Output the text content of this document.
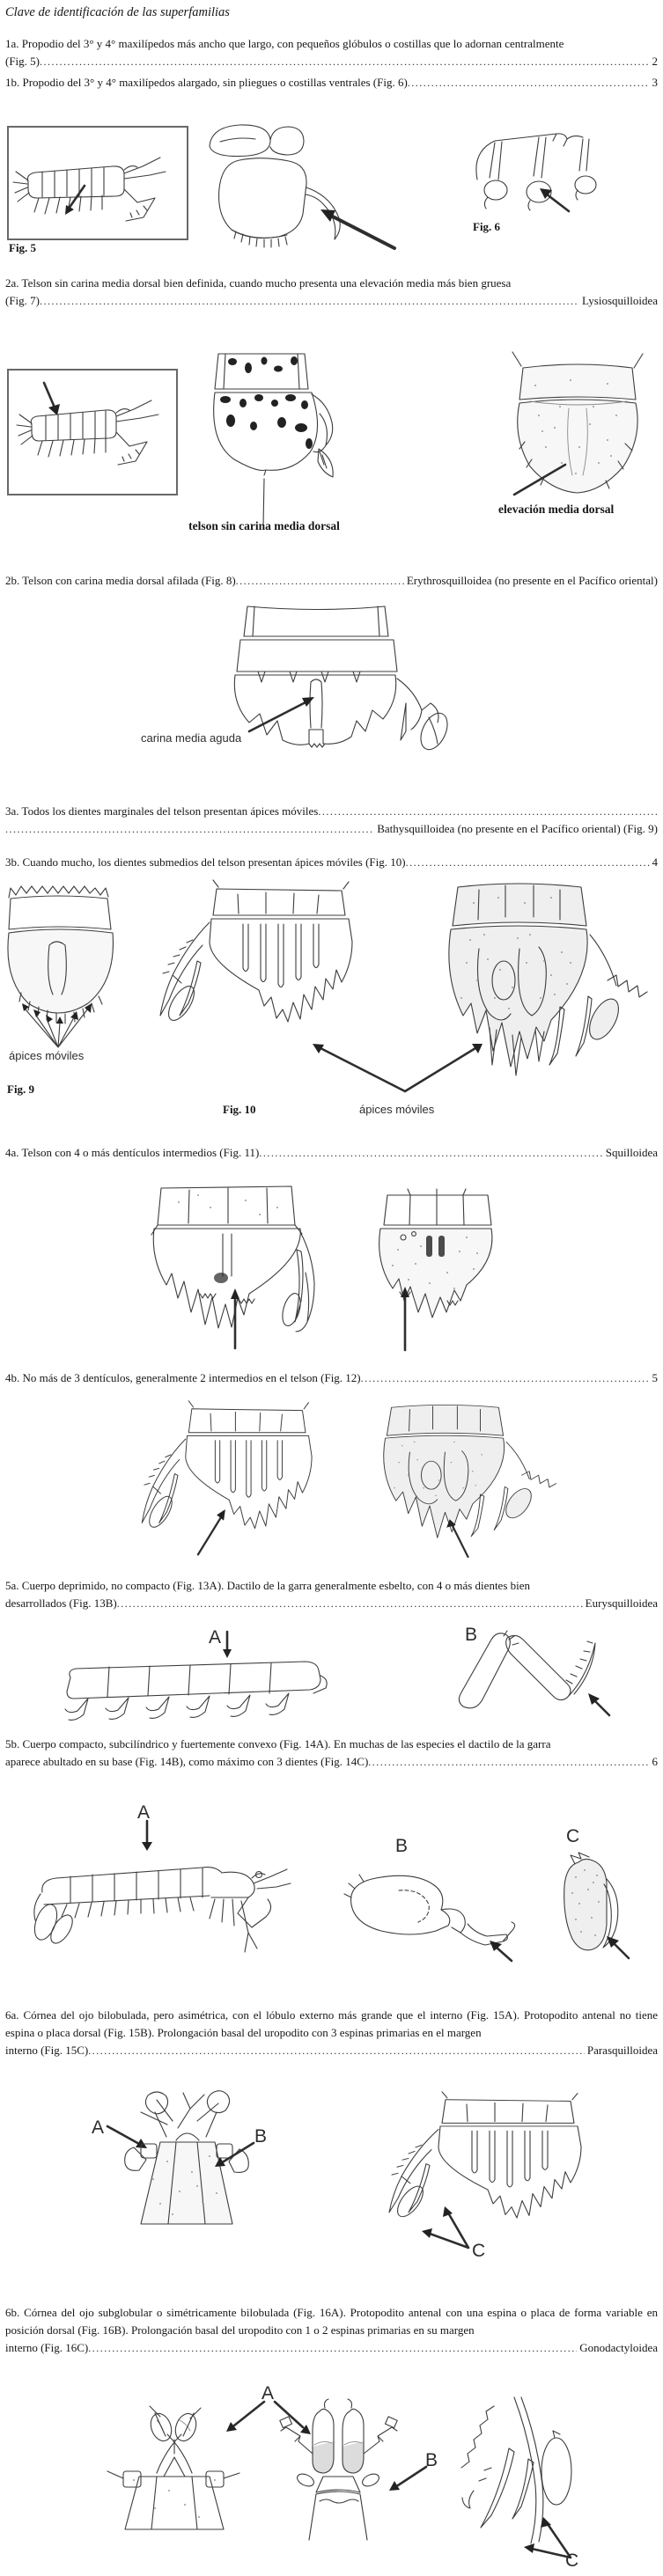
Clave de identificación de las superfamilias
1a. Propodio del 3° y 4° maxilípedos más ancho que largo, con pequeños glóbulos o costillas que lo adornan centralmente
(Fig. 5) .....	2
1b. Propodio del 3° y 4° maxilípedos alargado, sin pliegues o costillas ventrales (Fig. 6) .....	3
Fig. 5
Fig. 6
2a. Telson sin carina media dorsal bien definida, cuando mucho presenta una elevación media más bien gruesa
(Fig. 7) .....	Lysiosquilloidea
telson sin carina media dorsal
elevación media dorsal
2b. Telson con carina media dorsal afilada (Fig. 8) .....	Erythrosquilloidea (no presente en el Pacífico oriental)
carina media aguda
3a. Todos los dientes marginales del telson presentan ápices móviles
.....
.....
Bathysquilloidea (no presente en el Pacífico oriental) (Fig. 9)
3b. Cuando mucho, los dientes submedios del telson presentan ápices móviles (Fig. 10) .....	4
ápices móviles
Fig. 9
Fig. 10	ápices móviles
4a. Telson con 4 o más dentículos intermedios (Fig. 11) .....	Squilloidea
4b. No más de 3 dentículos, generalmente 2 intermedios en el telson (Fig. 12) .....	5
5a. Cuerpo deprimido, no compacto (Fig. 13A). Dactilo de la garra generalmente esbelto, con 4 o más dientes bien
desarrollados (Fig. 13B) .....	Eurysquilloidea
A	B
5b. Cuerpo compacto, subcilíndrico y fuertemente convexo (Fig. 14A). En muchas de las especies el dactilo de la garra
aparece abultado en su base (Fig. 14B), como máximo con 3 dientes (Fig. 14C) .....	6
A
B	C
6a. Córnea del ojo bilobulada, pero asimétrica, con el lóbulo externo más grande que el interno (Fig. 15A). Protopodito antenal no tiene espina o placa dorsal (Fig. 15B). Prolongación basal del uropodito con 3 espinas primarias en el margen
interno (Fig. 15C) .....	Parasquilloidea
A	B
C
6b. Córnea del ojo subglobular o simétricamente bilobulada (Fig. 16A). Protopodito antenal con una espina o placa de forma variable en posición dorsal (Fig. 16B). Prolongación basal del uropodito con 1 o 2 espinas primarias en su margen
interno (Fig. 16C) .....	Gonodactyloidea
A
B
C
